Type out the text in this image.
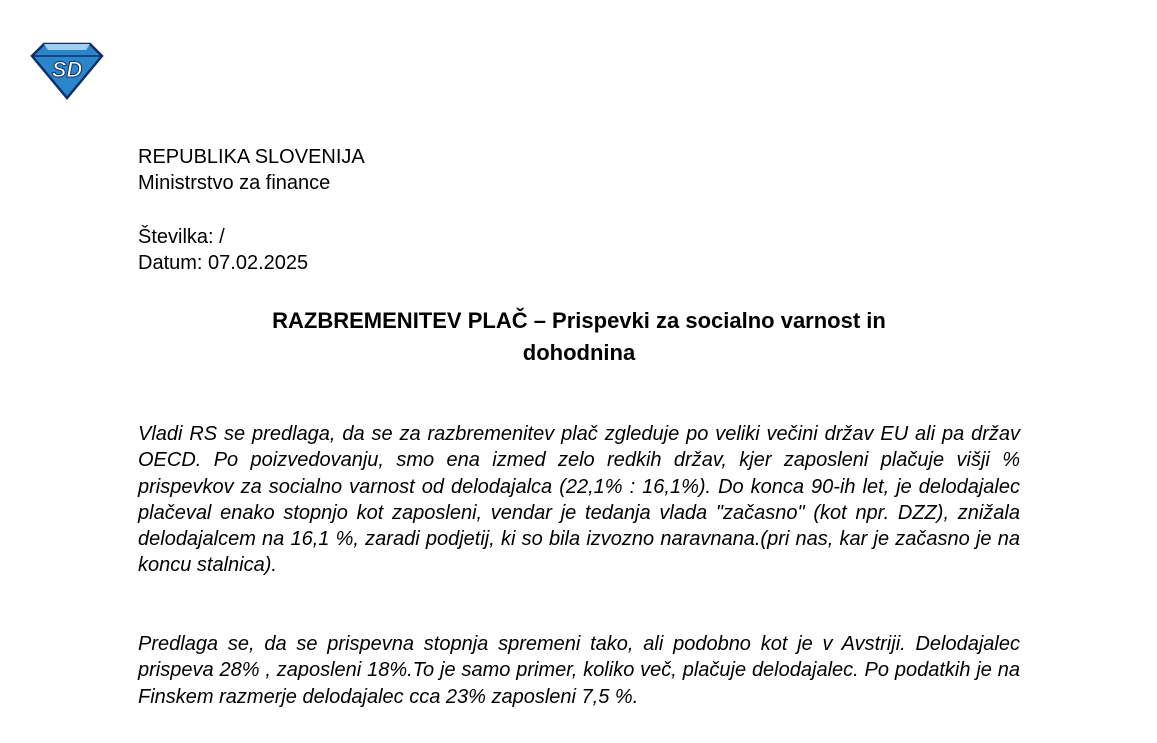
SD
REPUBLIKA SLOVENIJA
Ministrstvo za finance
Številka: /
Datum: 07.02.2025
RAZBREMENITEV PLAČ – Prispevki za socialno varnost in
dohodnina

Vladi RS se predlaga, da se za razbremenitev plač zgleduje po veliki večini držav EU ali pa držav OECD. Po poizvedovanju, smo ena izmed zelo redkih držav, kjer zaposleni plačuje višji % prispevkov za socialno varnost od delodajalca (22,1% : 16,1%). Do konca 90-ih let, je delodajalec plačeval enako stopnjo kot zaposleni, vendar je tedanja vlada "začasno" (kot npr. DZZ), znižala delodajalcem na 16,1 %, zaradi podjetij, ki so bila izvozno naravnana.(pri nas, kar je začasno je na koncu stalnica).

Predlaga se, da se prispevna stopnja spremeni tako, ali podobno kot je v Avstriji. Delodajalec prispeva 28% , zaposleni 18%.To je samo primer, koliko več, plačuje delodajalec. Po podatkih je na Finskem razmerje delodajalec cca 23% zaposleni 7,5 %.
